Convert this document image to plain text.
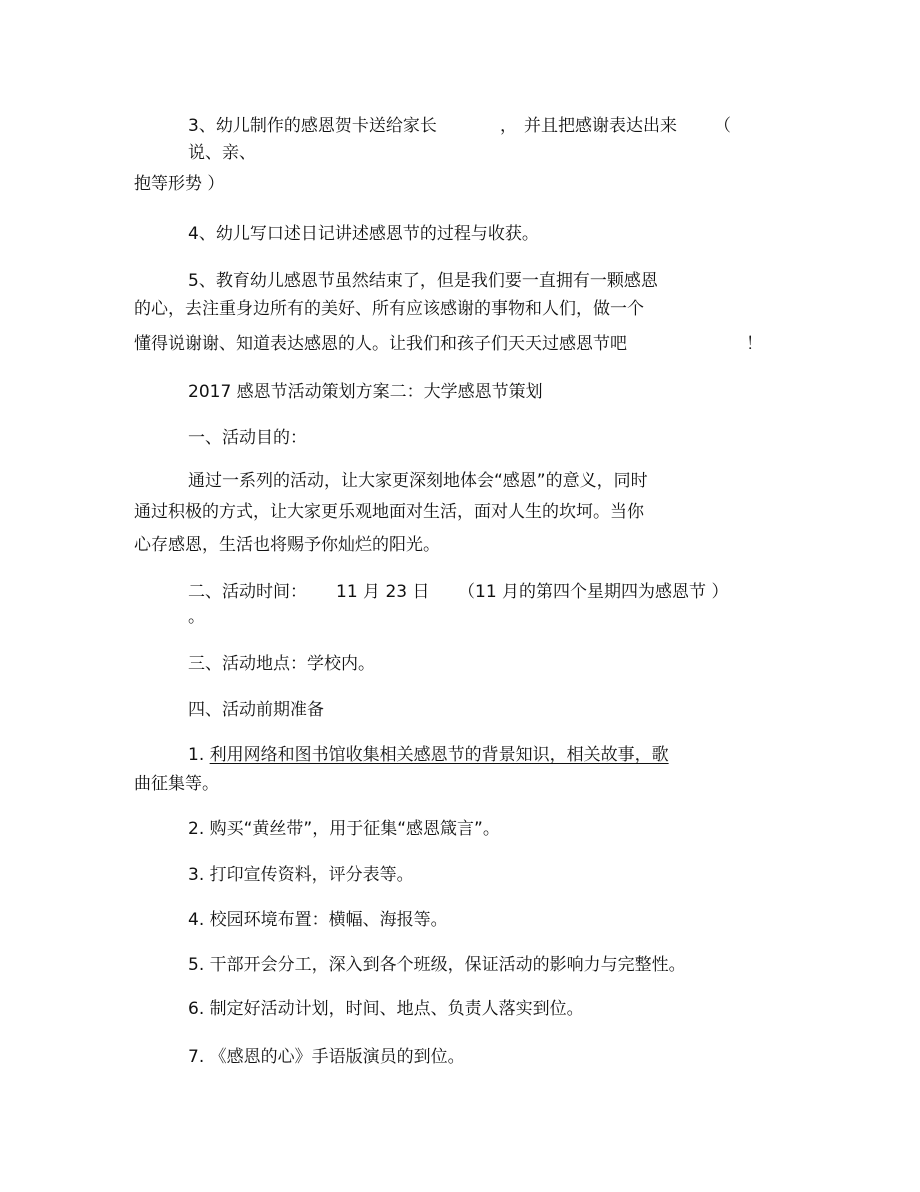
3、幼儿制作的感恩贺卡送给家长	， 并且把感谢表达出来 （
说、亲、
抱等形势 ）
4、幼儿写口述日记讲述感恩节的过程与收获。
5、教育幼儿感恩节虽然结束了，但是我们要一直拥有一颗感恩
的心，去注重身边所有的美好、所有应该感谢的事物和人们，做一个
懂得说谢谢、知道表达感恩的人。让我们和孩子们天天过感恩节吧	！
2017 感恩节活动策划方案二：大学感恩节策划
一、活动目的：
通过一系列的活动，让大家更深刻地体会“感恩”的意义，同时
通过积极的方式，让大家更乐观地面对生活，面对人生的坎坷。当你
心存感恩，生活也将赐予你灿烂的阳光。
二、活动时间： 11 月 23 日 （11 月的第四个星期四为感恩节 ）
。
三、活动地点：学校内。
四、活动前期准备
1. 利用网络和图书馆收集相关感恩节的背景知识，相关故事，歌
曲征集等。
2. 购买“黄丝带”，用于征集“感恩箴言”。
3. 打印宣传资料，评分表等。
4. 校园环境布置：横幅、海报等。
5. 干部开会分工，深入到各个班级，保证活动的影响力与完整性。
6. 制定好活动计划，时间、地点、负责人落实到位。
7. 《感恩的心》手语版演员的到位。
